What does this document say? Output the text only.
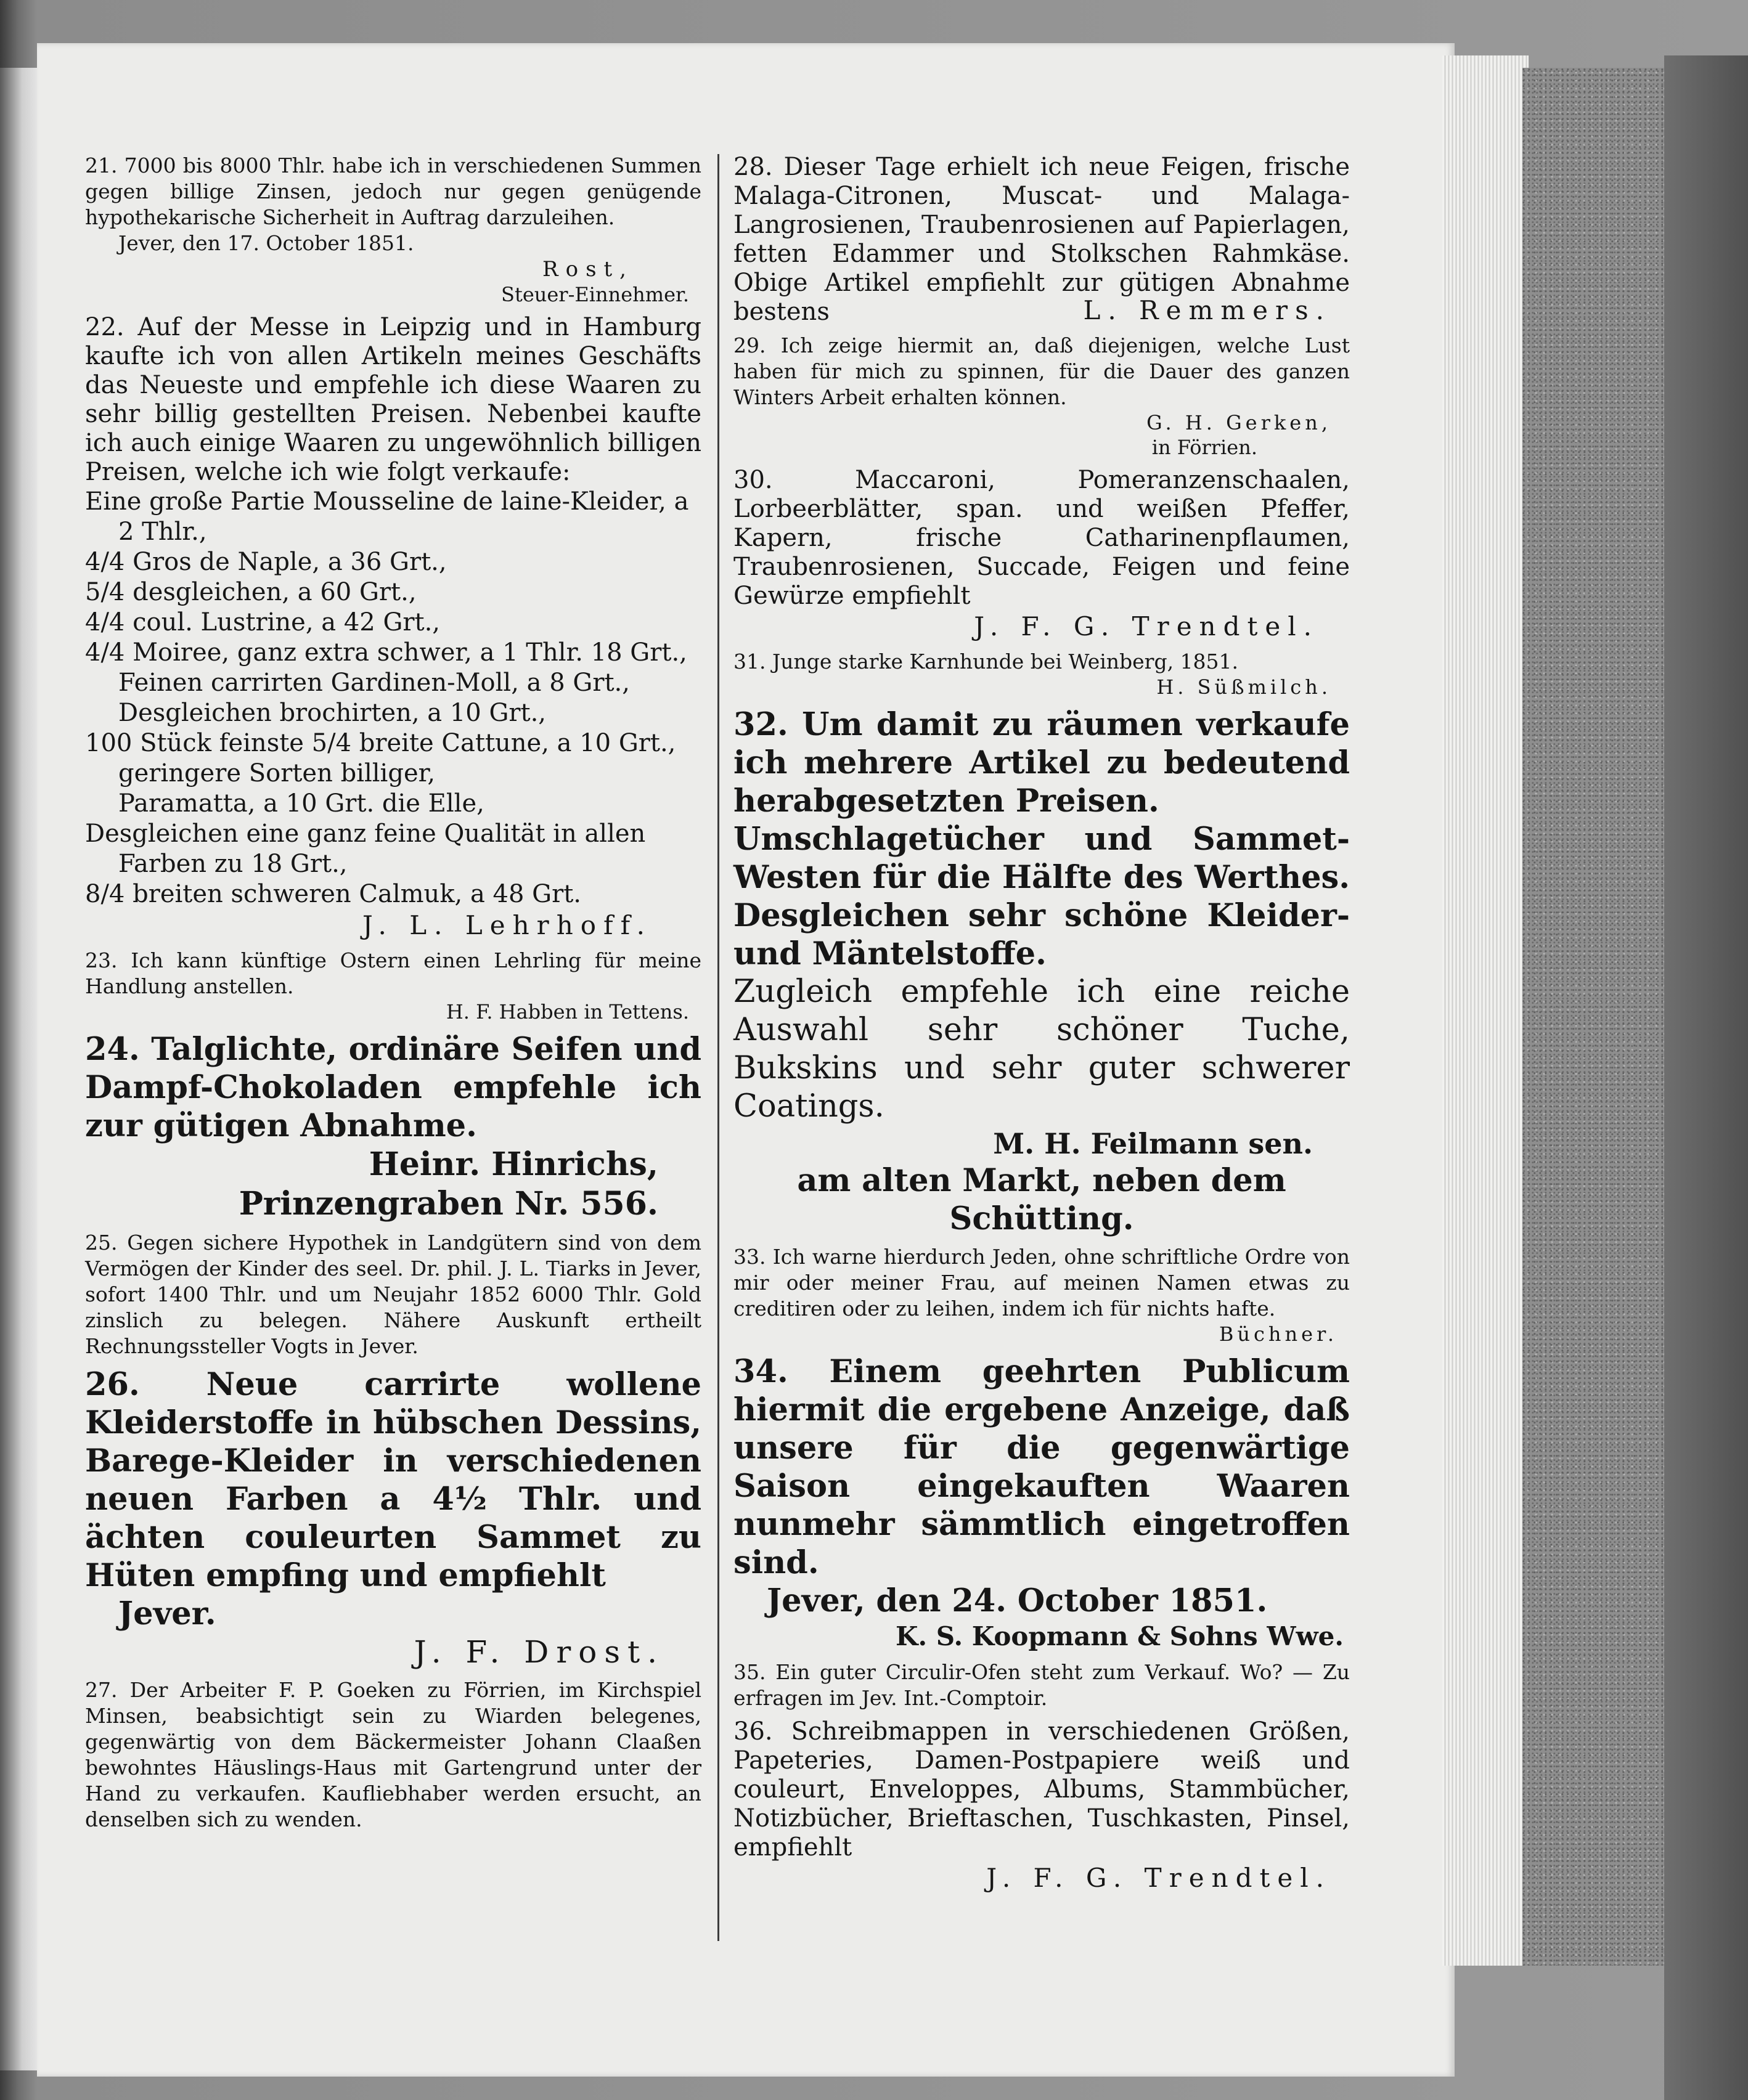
21. 7000 bis 8000 Thlr. habe ich in verschiedenen Summen gegen billige Zinsen, jedoch nur gegen genügende hypothekarische Sicherheit in Auftrag darzuleihen.

Jever, den 17. October 1851.

Rost,

Steuer-Einnehmer.

22. Auf der Messe in Leipzig und in Hamburg kaufte ich von allen Artikeln meines Geschäfts das Neueste und empfehle ich diese Waaren zu sehr billig gestellten Preisen. Nebenbei kaufte ich auch einige Waaren zu ungewöhnlich billigen Preisen, welche ich wie folgt verkaufe:

Eine große Partie Mousseline de laine-Kleider, a 2 Thlr.,

4/4 Gros de Naple, a 36 Grt.,

5/4 desgleichen, a 60 Grt.,

4/4 coul. Lustrine, a 42 Grt.,

4/4 Moiree, ganz extra schwer, a 1 Thlr. 18 Grt.,

Feinen carrirten Gardinen-Moll, a 8 Grt.,

Desgleichen brochirten, a 10 Grt.,

100 Stück feinste 5/4 breite Cattune, a 10 Grt., geringere Sorten billiger,

Paramatta, a 10 Grt. die Elle,

Desgleichen eine ganz feine Qualität in allen Farben zu 18 Grt.,

8/4 breiten schweren Calmuk, a 48 Grt.

J. L. Lehrhoff.

23. Ich kann künftige Ostern einen Lehrling für meine Handlung anstellen.

H. F. Habben in Tettens.

24. Talglichte, ordinäre Seifen und Dampf-Chokoladen empfehle ich zur gütigen Abnahme.

Heinr. Hinrichs,

Prinzengraben Nr. 556.

25. Gegen sichere Hypothek in Landgütern sind von dem Vermögen der Kinder des seel. Dr. phil. J. L. Tiarks in Jever, sofort 1400 Thlr. und um Neujahr 1852 6000 Thlr. Gold zinslich zu belegen. Nähere Auskunft ertheilt Rechnungssteller Vogts in Jever.

26. Neue carrirte wollene Kleiderstoffe in hübschen Dessins, Barege-Kleider in verschiedenen neuen Farben a 4½ Thlr. und ächten couleurten Sammet zu Hüten empfing und empfiehlt

Jever.

J. F. Drost.

27. Der Arbeiter F. P. Goeken zu Förrien, im Kirchspiel Minsen, beabsichtigt sein zu Wiarden belegenes, gegenwärtig von dem Bäckermeister Johann Claaßen bewohntes Häuslings-Haus mit Gartengrund unter der Hand zu verkaufen. Kaufliebhaber werden ersucht, an denselben sich zu wenden.

28. Dieser Tage erhielt ich neue Feigen, frische Malaga-Citronen, Muscat- und Malaga-Langrosienen, Traubenrosienen auf Papierlagen, fetten Edammer und Stolkschen Rahmkäse. Obige Artikel empfiehlt zur gütigen Abnahme bestens	L. Remmers.

29. Ich zeige hiermit an, daß diejenigen, welche Lust haben für mich zu spinnen, für die Dauer des ganzen Winters Arbeit erhalten können.

G. H. Gerken,

in Förrien.

30. Maccaroni, Pomeranzenschaalen, Lorbeerblätter, span. und weißen Pfeffer, Kapern, frische Catharinenpflaumen, Traubenrosienen, Succade, Feigen und feine Gewürze empfiehlt

J. F. G. Trendtel.

31. Junge starke Karnhunde bei Weinberg, 1851.

H. Süßmilch.

32. Um damit zu räumen verkaufe ich mehrere Artikel zu bedeutend herabgesetzten Preisen.

Umschlagetücher und Sammet-Westen für die Hälfte des Werthes. Desgleichen sehr schöne Kleider- und Mäntelstoffe.

Zugleich empfehle ich eine reiche Auswahl sehr schöner Tuche, Bukskins und sehr guter schwerer Coatings.

M. H. Feilmann sen.

am alten Markt, neben dem Schütting.

33. Ich warne hierdurch Jeden, ohne schriftliche Ordre von mir oder meiner Frau, auf meinen Namen etwas zu creditiren oder zu leihen, indem ich für nichts hafte.

Büchner.

34. Einem geehrten Publicum hiermit die ergebene Anzeige, daß unsere für die gegenwärtige Saison eingekauften Waaren nunmehr sämmtlich eingetroffen sind.

Jever, den 24. October 1851.

K. S. Koopmann & Sohns Wwe.

35. Ein guter Circulir-Ofen steht zum Verkauf. Wo? — Zu erfragen im Jev. Int.-Comptoir.

36. Schreibmappen in verschiedenen Größen, Papeteries, Damen-Postpapiere weiß und couleurt, Enveloppes, Albums, Stammbücher, Notizbücher, Brieftaschen, Tuschkasten, Pinsel, empfiehlt

J. F. G. Trendtel.
